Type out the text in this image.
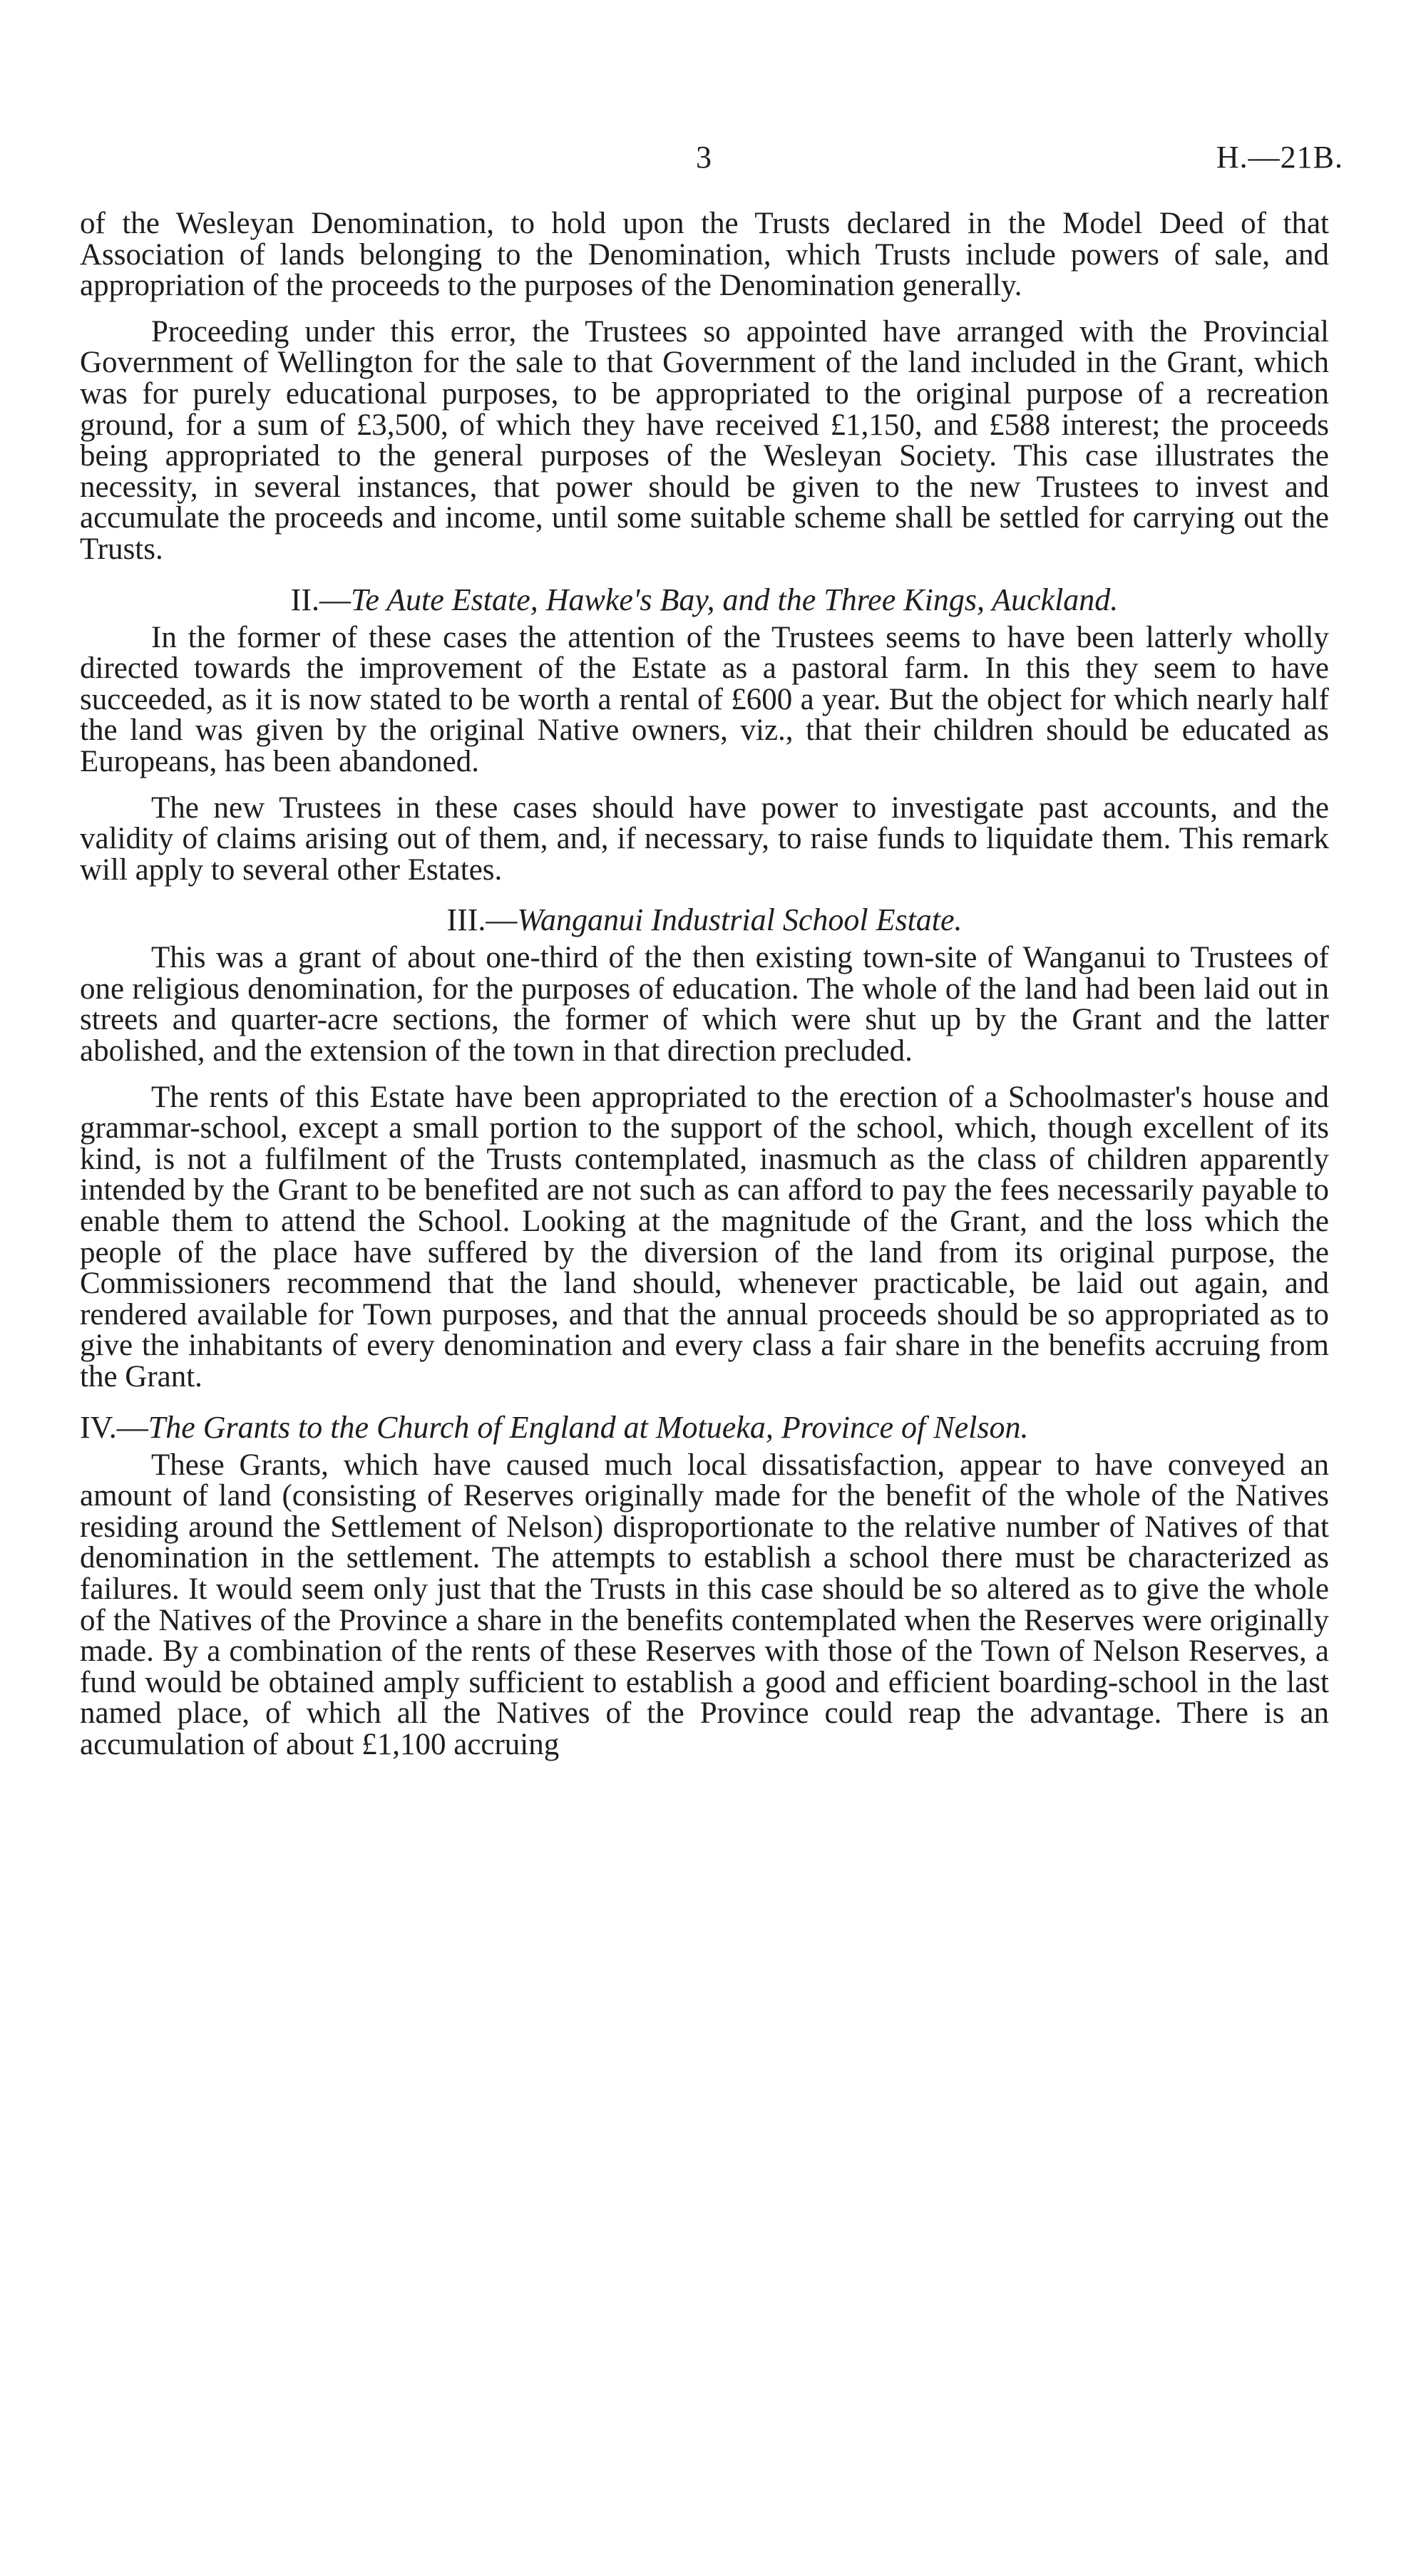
3	H.—21B.

of the Wesleyan Denomination, to hold upon the Trusts declared in the Model Deed of that Association of lands belonging to the Denomination, which Trusts include powers of sale, and appropriation of the proceeds to the purposes of the Denomination generally.

Proceeding under this error, the Trustees so appointed have arranged with the Provincial Government of Wellington for the sale to that Government of the land included in the Grant, which was for purely educational purposes, to be appropriated to the original purpose of a recreation ground, for a sum of £3,500, of which they have received £1,150, and £588 interest; the proceeds being appropriated to the general purposes of the Wesleyan Society. This case illustrates the necessity, in several instances, that power should be given to the new Trustees to invest and accumulate the proceeds and income, until some suitable scheme shall be settled for carrying out the Trusts.

II.—Te Aute Estate, Hawke's Bay, and the Three Kings, Auckland.

In the former of these cases the attention of the Trustees seems to have been latterly wholly directed towards the improvement of the Estate as a pastoral farm. In this they seem to have succeeded, as it is now stated to be worth a rental of £600 a year. But the object for which nearly half the land was given by the original Native owners, viz., that their children should be educated as Europeans, has been abandoned.

The new Trustees in these cases should have power to investigate past accounts, and the validity of claims arising out of them, and, if necessary, to raise funds to liquidate them. This remark will apply to several other Estates.

III.—Wanganui Industrial School Estate.

This was a grant of about one-third of the then existing town-site of Wanganui to Trustees of one religious denomination, for the purposes of education. The whole of the land had been laid out in streets and quarter-acre sections, the former of which were shut up by the Grant and the latter abolished, and the extension of the town in that direction precluded.

The rents of this Estate have been appropriated to the erection of a Schoolmaster's house and grammar-school, except a small portion to the support of the school, which, though excellent of its kind, is not a fulfilment of the Trusts contemplated, inasmuch as the class of children apparently intended by the Grant to be benefited are not such as can afford to pay the fees necessarily payable to enable them to attend the School. Looking at the magnitude of the Grant, and the loss which the people of the place have suffered by the diversion of the land from its original purpose, the Commissioners recommend that the land should, whenever practicable, be laid out again, and rendered available for Town purposes, and that the annual proceeds should be so appropriated as to give the inhabitants of every denomination and every class a fair share in the benefits accruing from the Grant.

IV.—The Grants to the Church of England at Motueka, Province of Nelson.

These Grants, which have caused much local dissatisfaction, appear to have conveyed an amount of land (consisting of Reserves originally made for the benefit of the whole of the Natives residing around the Settlement of Nelson) disproportionate to the relative number of Natives of that denomination in the settlement. The attempts to establish a school there must be characterized as failures. It would seem only just that the Trusts in this case should be so altered as to give the whole of the Natives of the Province a share in the benefits contemplated when the Reserves were originally made. By a combination of the rents of these Reserves with those of the Town of Nelson Reserves, a fund would be obtained amply sufficient to establish a good and efficient boarding-school in the last named place, of which all the Natives of the Province could reap the advantage. There is an accumulation of about £1,100 accruing
